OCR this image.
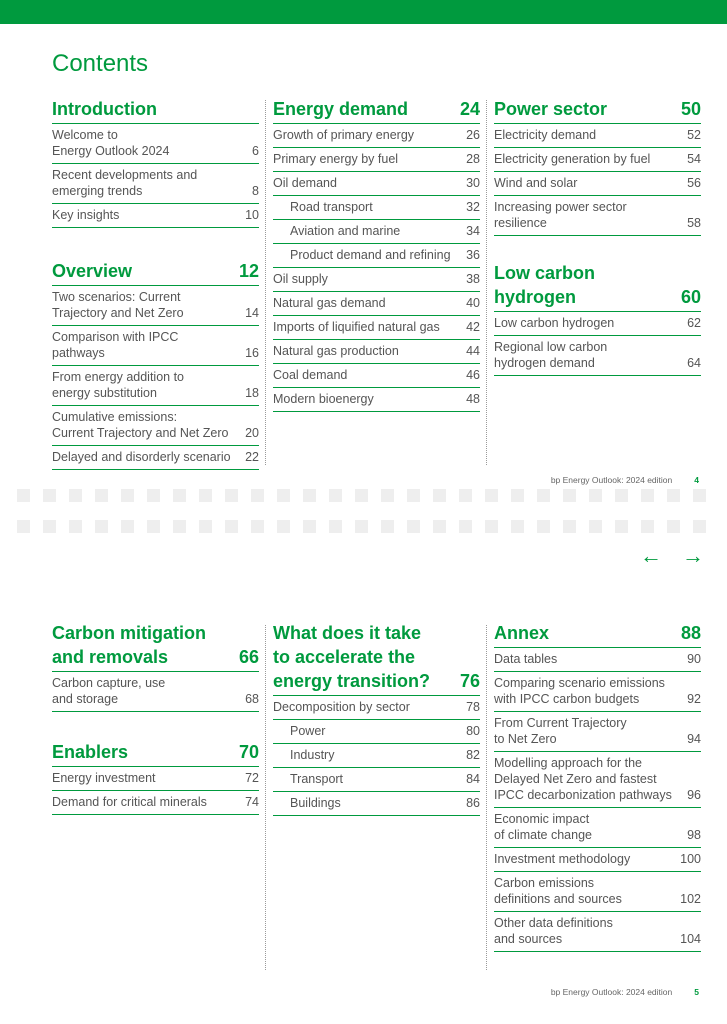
Contents
Introduction
Welcome to
Energy Outlook 2024	6
Recent developments and
emerging trends	8
Key insights	10
Overview	12
Two scenarios: Current
Trajectory and Net Zero	14
Comparison with IPCC
pathways	16
From energy addition to
energy substitution	18
Cumulative emissions:
Current Trajectory and Net Zero	20
Delayed and disorderly scenario	22
Energy demand	24
Growth of primary energy	26
Primary energy by fuel	28
Oil demand	30
Road transport	32
Aviation and marine	34
Product demand and refining	36
Oil supply	38
Natural gas demand	40
Imports of liquified natural gas	42
Natural gas production	44
Coal demand	46
Modern bioenergy	48
Power sector	50
Electricity demand	52
Electricity generation by fuel	54
Wind and solar	56
Increasing power sector
resilience	58
Low carbon
hydrogen	60
Low carbon hydrogen	62
Regional low carbon
hydrogen demand	64
bp Energy Outlook: 2024 edition	4
← →
Carbon mitigation
and removals	66
Carbon capture, use
and storage	68
Enablers	70
Energy investment	72
Demand for critical minerals	74
What does it take
to accelerate the
energy transition?	76
Decomposition by sector	78
Power	80
Industry	82
Transport	84
Buildings	86
Annex	88
Data tables	90
Comparing scenario emissions
with IPCC carbon budgets	92
From Current Trajectory
to Net Zero	94
Modelling approach for the
Delayed Net Zero and fastest
IPCC decarbonization pathways	96
Economic impact
of climate change	98
Investment methodology	100
Carbon emissions
definitions and sources	102
Other data definitions
and sources	104
bp Energy Outlook: 2024 edition	5
